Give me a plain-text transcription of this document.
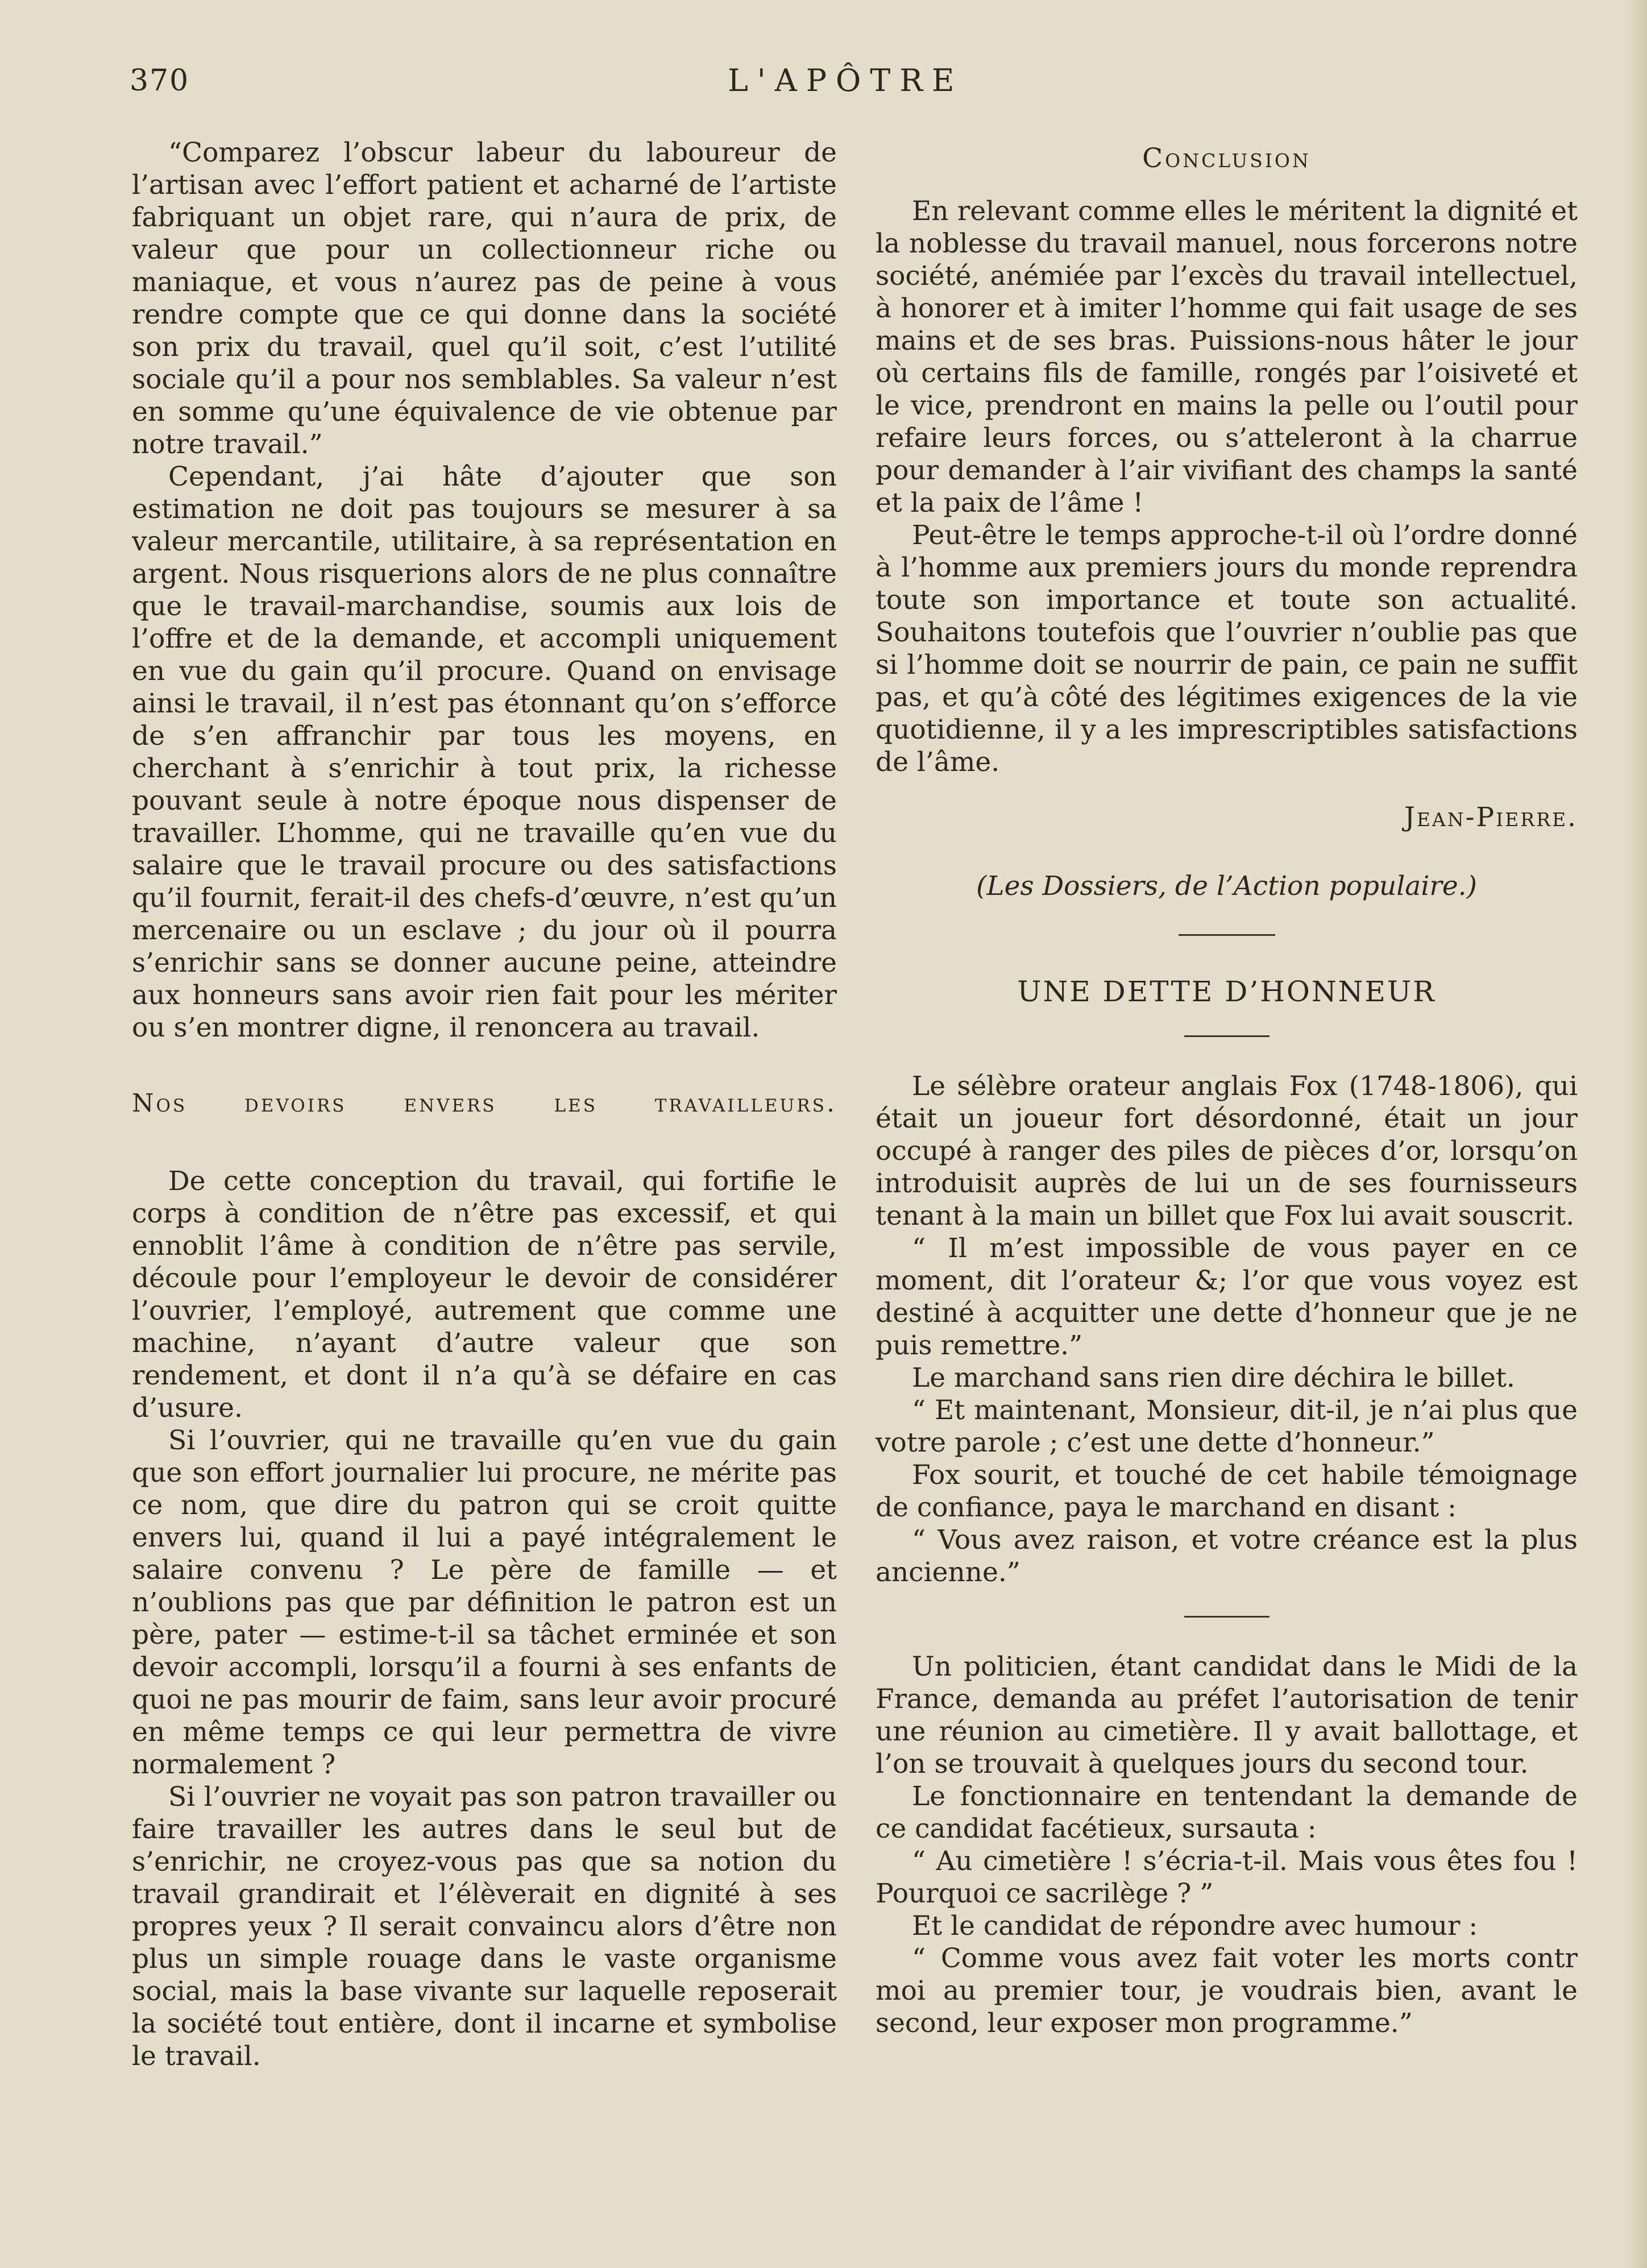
370	L'APÔTRE

“Comparez l’obscur labeur du laboureur de l’artisan avec l’effort patient et acharné de l’artiste fabriquant un objet rare, qui n’aura de prix, de valeur que pour un collectionneur riche ou maniaque, et vous n’aurez pas de peine à vous rendre compte que ce qui donne dans la société son prix du travail, quel qu’il soit, c’est l’utilité sociale qu’il a pour nos semblables. Sa valeur n’est en somme qu’une équivalence de vie obtenue par notre travail.”

Cependant, j’ai hâte d’ajouter que son estimation ne doit pas toujours se mesurer à sa valeur mercantile, utilitaire, à sa représentation en argent. Nous risquerions alors de ne plus connaître que le travail-marchandise, soumis aux lois de l’offre et de la demande, et accompli uniquement en vue du gain qu’il procure. Quand on envisage ainsi le travail, il n’est pas étonnant qu’on s’efforce de s’en affranchir par tous les moyens, en cherchant à s’enrichir à tout prix, la richesse pouvant seule à notre époque nous dispenser de travailler. L’homme, qui ne travaille qu’en vue du salaire que le travail procure ou des satisfactions qu’il fournit, ferait-il des chefs-d’œuvre, n’est qu’un mercenaire ou un esclave ; du jour où il pourra s’enrichir sans se donner aucune peine, atteindre aux honneurs sans avoir rien fait pour les mériter ou s’en montrer digne, il renoncera au travail.

Nos devoirs envers les travailleurs.

De cette conception du travail, qui fortifie le corps à condition de n’être pas excessif, et qui ennoblit l’âme à condition de n’être pas servile, découle pour l’employeur le devoir de considérer l’ouvrier, l’employé, autrement que comme une machine, n’ayant d’autre valeur que son rendement, et dont il n’a qu’à se défaire en cas d’usure.

Si l’ouvrier, qui ne travaille qu’en vue du gain que son effort journalier lui procure, ne mérite pas ce nom, que dire du patron qui se croit quitte envers lui, quand il lui a payé intégralement le salaire convenu ? Le père de famille — et n’oublions pas que par définition le patron est un père, pater — estime-t-il sa tâchet erminée et son devoir accompli, lorsqu’il a fourni à ses enfants de quoi ne pas mourir de faim, sans leur avoir procuré en même temps ce qui leur permettra de vivre normalement ?

Si l’ouvrier ne voyait pas son patron travailler ou faire travailler les autres dans le seul but de s’enrichir, ne croyez-vous pas que sa notion du travail grandirait et l’élèverait en dignité à ses propres yeux ? Il serait convaincu alors d’être non plus un simple rouage dans le vaste organisme social, mais la base vivante sur laquelle reposerait la société tout entière, dont il incarne et symbolise le travail.

Conclusion

En relevant comme elles le méritent la dignité et la noblesse du travail manuel, nous forcerons notre société, anémiée par l’excès du travail intellectuel, à honorer et à imiter l’homme qui fait usage de ses mains et de ses bras. Puissions-nous hâter le jour où certains fils de famille, rongés par l’oisiveté et le vice, prendront en mains la pelle ou l’outil pour refaire leurs forces, ou s’atteleront à la charrue pour demander à l’air vivifiant des champs la santé et la paix de l’âme !

Peut-être le temps approche-t-il où l’ordre donné à l’homme aux premiers jours du monde reprendra toute son importance et toute son actualité. Souhaitons toutefois que l’ouvrier n’oublie pas que si l’homme doit se nourrir de pain, ce pain ne suffit pas, et qu’à côté des légitimes exigences de la vie quotidienne, il y a les imprescriptibles satisfactions de l’âme.

Jean-Pierre.
(Les Dossiers, de l’Action populaire.)
UNE DETTE D’HONNEUR

Le sélèbre orateur anglais Fox (1748-1806), qui était un joueur fort désordonné, était un jour occupé à ranger des piles de pièces d’or, lorsqu’on introduisit auprès de lui un de ses fournisseurs tenant à la main un billet que Fox lui avait souscrit.

“ Il m’est impossible de vous payer en ce moment, dit l’orateur &; l’or que vous voyez est destiné à acquitter une dette d’honneur que je ne puis remettre.”

Le marchand sans rien dire déchira le billet.

“ Et maintenant, Monsieur, dit-il, je n’ai plus que votre parole ; c’est une dette d’honneur.”

Fox sourit, et touché de cet habile témoignage de confiance, paya le marchand en disant :

“ Vous avez raison, et votre créance est la plus ancienne.”

Un politicien, étant candidat dans le Midi de la France, demanda au préfet l’autorisation de tenir une réunion au cimetière. Il y avait ballottage, et l’on se trouvait à quelques jours du second tour.

Le fonctionnaire en tentendant la demande de ce candidat facétieux, sursauta :

“ Au cimetière ! s’écria-t-il. Mais vous êtes fou ! Pourquoi ce sacrilège ? ”

Et le candidat de répondre avec humour :

“ Comme vous avez fait voter les morts contr moi au premier tour, je voudrais bien, avant le second, leur exposer mon programme.”
